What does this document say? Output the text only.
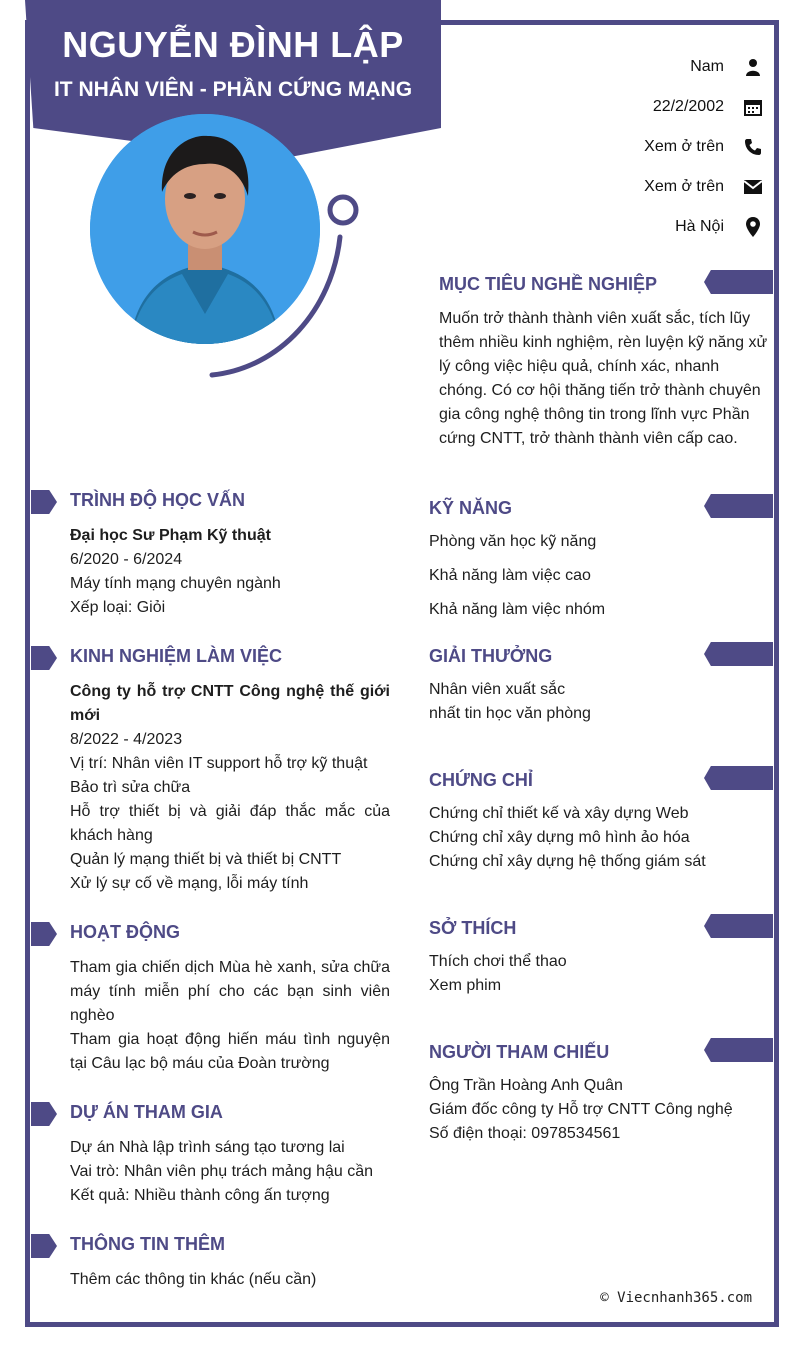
NGUYỄN ĐÌNH LẬP
IT NHÂN VIÊN - PHẦN CỨNG MẠNG
Nam
22/2/2002
Xem ở trên
Xem ở trên
Hà Nội
MỤC TIÊU NGHỀ NGHIỆP
Muốn trở thành thành viên xuất sắc, tích lũy thêm nhiều kinh nghiệm, rèn luyện kỹ năng xử lý công việc hiệu quả, chính xác, nhanh chóng. Có cơ hội thăng tiến trở thành chuyên gia công nghệ thông tin trong lĩnh vực Phần cứng CNTT, trở thành thành viên cấp cao.
TRÌNH ĐỘ HỌC VẤN
Đại học Sư Phạm Kỹ thuật
6/2020 - 6/2024
Máy tính mạng chuyên ngành
Xếp loại: Giỏi
KINH NGHIỆM LÀM VIỆC
Công ty hỗ trợ CNTT Công nghệ thế giới mới
8/2022 - 4/2023
Vị trí: Nhân viên IT support hỗ trợ kỹ thuật
Bảo trì sửa chữa
Hỗ trợ thiết bị và giải đáp thắc mắc của khách hàng
Quản lý mạng thiết bị và thiết bị CNTT
Xử lý sự cố về mạng, lỗi máy tính
HOẠT ĐỘNG
Tham gia chiến dịch Mùa hè xanh, sửa chữa máy tính miễn phí cho các bạn sinh viên nghèo
Tham gia hoạt động hiến máu tình nguyện tại Câu lạc bộ máu của Đoàn trường
DỰ ÁN THAM GIA
Dự án Nhà lập trình sáng tạo tương lai
Vai trò: Nhân viên phụ trách mảng hậu cần
Kết quả: Nhiều thành công ấn tượng
THÔNG TIN THÊM
Thêm các thông tin khác (nếu cần)
KỸ NĂNG
Phòng văn học kỹ năng
Khả năng làm việc cao
Khả năng làm việc nhóm
GIẢI THƯỞNG
Nhân viên xuất sắc
nhất tin học văn phòng
CHỨNG CHỈ
Chứng chỉ thiết kế và xây dựng Web
Chứng chỉ xây dựng mô hình ảo hóa
Chứng chỉ xây dựng hệ thống giám sát
SỞ THÍCH
Thích chơi thể thao
Xem phim
NGƯỜI THAM CHIẾU
Ông Trần Hoàng Anh Quân
Giám đốc công ty Hỗ trợ CNTT Công nghệ
Số điện thoại: 0978534561
© Viecnhanh365.com
